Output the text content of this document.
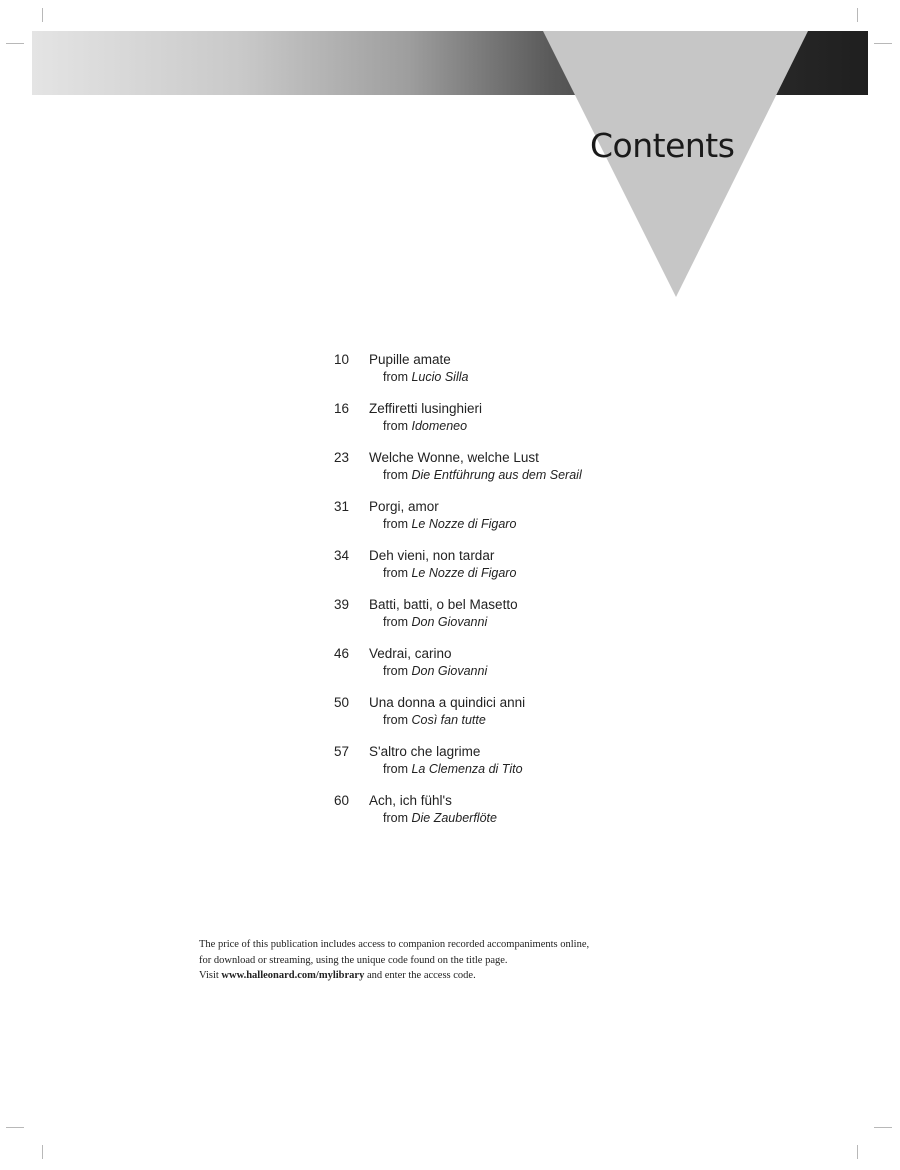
Contents
10	Pupille amate
from Lucio Silla
16	Zeffiretti lusinghieri
from Idomeneo
23	Welche Wonne, welche Lust
from Die Entführung aus dem Serail
31	Porgi, amor
from Le Nozze di Figaro
34	Deh vieni, non tardar
from Le Nozze di Figaro
39	Batti, batti, o bel Masetto
from Don Giovanni
46	Vedrai, carino
from Don Giovanni
50	Una donna a quindici anni
from Così fan tutte
57	S'altro che lagrime
from La Clemenza di Tito
60	Ach, ich fühl's
from Die Zauberflöte
The price of this publication includes access to companion recorded accompaniments online,
for download or streaming, using the unique code found on the title page.
Visit www.halleonard.com/mylibrary and enter the access code.
